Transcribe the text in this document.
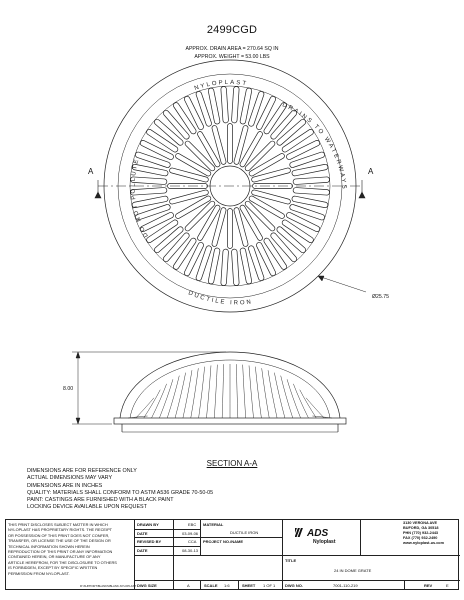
2499CGD
APPROX. DRAIN AREA = 270.64 SQ IN
APPROX. WEIGHT = 53.00 LBS
DO NOT POLLUTE
DRAINS TO WATERWAYS
NYLOPLAST
DUCTILE IRON
A	A
Ø25.75
8.00
SECTION A-A
DIMENSIONS ARE FOR REFERENCE ONLY
ACTUAL DIMENSIONS MAY VARY
DIMENSIONS ARE IN INCHES
QUALITY: MATERIALS SHALL CONFORM TO ASTM A536 GRADE 70-50-05
PAINT: CASTINGS ARE FURNISHED WITH A BLACK PAINT
LOCKING DEVICE AVAILABLE UPON REQUEST
THIS PRINT DISCLOSES SUBJECT MATTER IN WHICH
NYLOPLAST HAS PROPRIETARY RIGHTS. THE RECEIPT
OR POSSESSION OF THIS PRINT DOES NOT CONFER,
TRANSFER, OR LICENSE THE USE OF THE DESIGN OR
TECHNICAL INFORMATION SHOWN HEREIN
REPRODUCTION OF THIS PRINT OR ANY INFORMATION
CONTAINED HEREIN, OR MANUFACTURE OF ANY
ARTICLE HEREFROM, FOR THE DISCLOSURE TO OTHERS
IS FORBIDDEN, EXCEPT BY SPECIFIC WRITTEN
PERMISSION FROM NYLOPLAST.
R:\SUPPORT\BLANKS\BLANK-NYLOPLAST
DRAWN BY	EBC
DATE	03-09-06
REVISED BY	CCA
DATE	08-30-13
MATERIAL
DUCTILE IRON
PROJECT NO./NAME
ADS
Nyloplast
3130 VERONA AVE
BUFORD, GA 30518
PHN (770) 932-2443
FAX (770) 932-2490
www.nyloplast-us.com
TITLE
24 IN DOME GRATE
DWG SIZE	A	SCALE 1:6	SHEET 1 OF 1 DWG NO.	7001-110-219	REV	E
